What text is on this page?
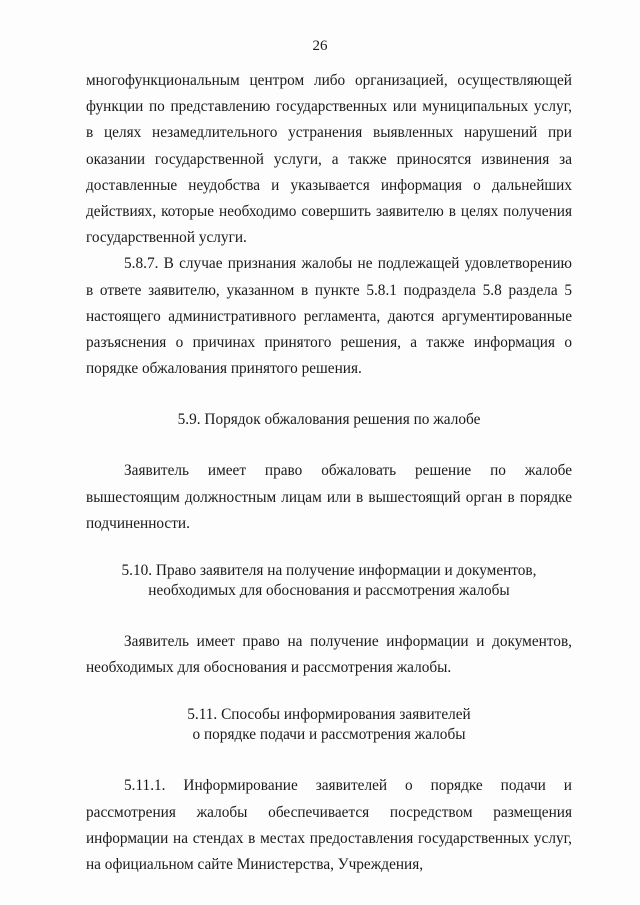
26

многофункциональным центром либо организацией, осуществляющей функции по представлению государственных или муниципальных услуг, в целях незамедлительного устранения выявленных нарушений при оказании государственной услуги, а также приносятся извинения за доставленные неудобства и указывается информация о дальнейших действиях, которые необходимо совершить заявителю в целях получения государственной услуги.

5.8.7. В случае признания жалобы не подлежащей удовлетворению в ответе заявителю, указанном в пункте 5.8.1 подраздела 5.8 раздела 5 настоящего административного регламента, даются аргументированные разъяснения о причинах принятого решения, а также информация о порядке обжалования принятого решения.

5.9. Порядок обжалования решения по жалобе

Заявитель имеет право обжаловать решение по жалобе вышестоящим должностным лицам или в вышестоящий орган в порядке подчиненности.

5.10. Право заявителя на получение информации и документов,

необходимых для обоснования и рассмотрения жалобы

Заявитель имеет право на получение информации и документов, необходимых для обоснования и рассмотрения жалобы.

5.11. Способы информирования заявителей

о порядке подачи и рассмотрения жалобы

5.11.1. Информирование заявителей о порядке подачи и рассмотрения жалобы обеспечивается посредством размещения информации на стендах в местах предоставления государственных услуг, на официальном сайте Министерства, Учреждения,
